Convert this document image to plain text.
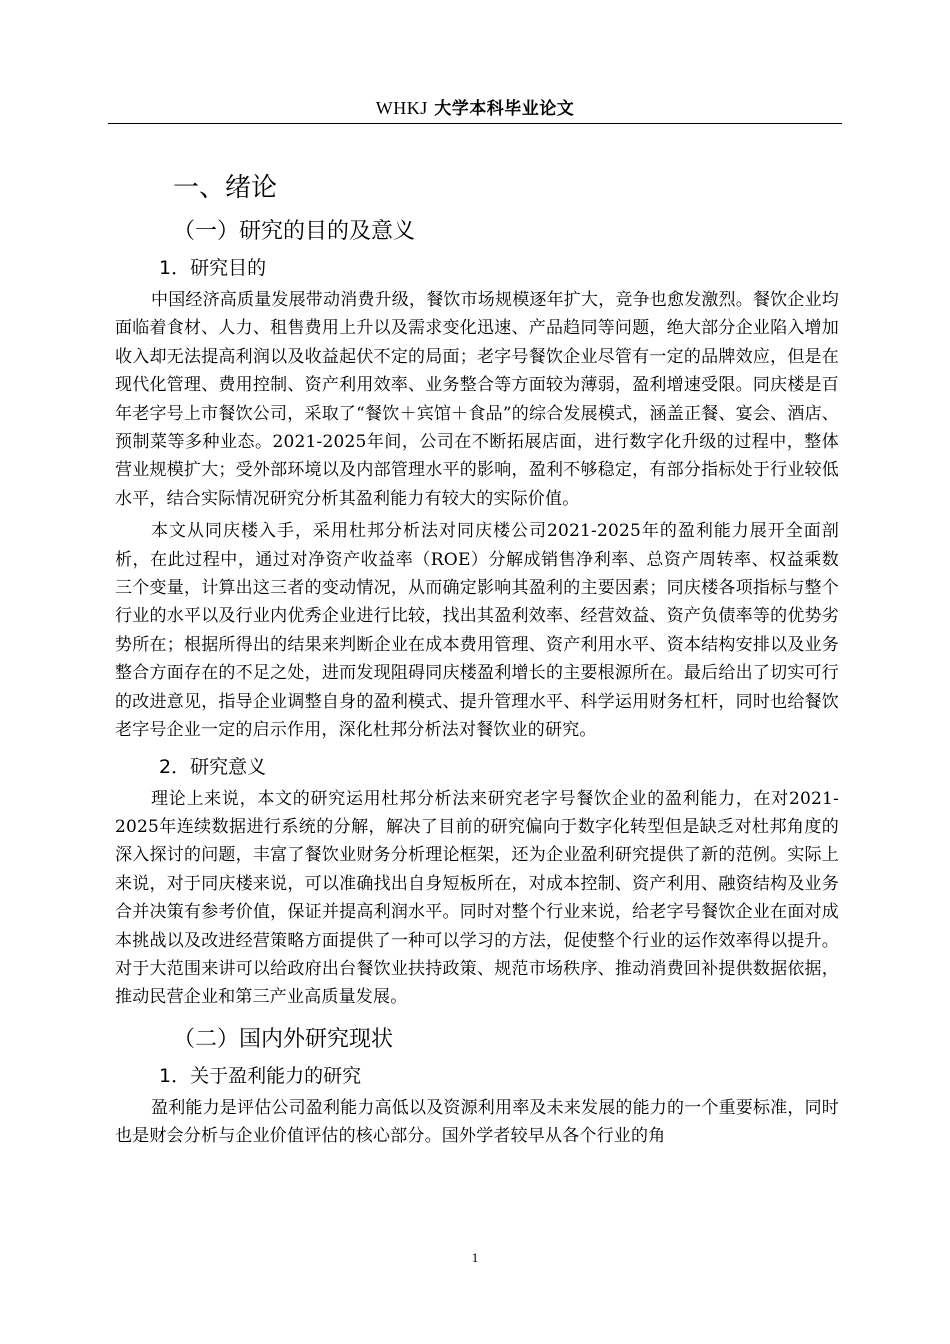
WHKJ 大学本科毕业论文
一、绪论
（一）研究的目的及意义
1．研究目的

中国经济高质量发展带动消费升级，餐饮市场规模逐年扩大，竞争也愈发激烈。餐饮企业均面临着食材、人力、租售费用上升以及需求变化迅速、产品趋同等问题，绝大部分企业陷入增加收入却无法提高利润以及收益起伏不定的局面；老字号餐饮企业尽管有一定的品牌效应，但是在现代化管理、费用控制、资产利用效率、业务整合等方面较为薄弱，盈利增速受限。同庆楼是百年老字号上市餐饮公司，采取了“餐饮＋宾馆＋食品”的综合发展模式，涵盖正餐、宴会、酒店、预制菜等多种业态。2021-2025年间，公司在不断拓展店面，进行数字化升级的过程中，整体营业规模扩大；受外部环境以及内部管理水平的影响，盈利不够稳定，有部分指标处于行业较低水平，结合实际情况研究分析其盈利能力有较大的实际价值。

本文从同庆楼入手，采用杜邦分析法对同庆楼公司2021-2025年的盈利能力展开全面剖析，在此过程中，通过对净资产收益率（ROE）分解成销售净利率、总资产周转率、权益乘数三个变量，计算出这三者的变动情况，从而确定影响其盈利的主要因素；同庆楼各项指标与整个行业的水平以及行业内优秀企业进行比较，找出其盈利效率、经营效益、资产负债率等的优势劣势所在；根据所得出的结果来判断企业在成本费用管理、资产利用水平、资本结构安排以及业务整合方面存在的不足之处，进而发现阻碍同庆楼盈利增长的主要根源所在。最后给出了切实可行的改进意见，指导企业调整自身的盈利模式、提升管理水平、科学运用财务杠杆，同时也给餐饮老字号企业一定的启示作用，深化杜邦分析法对餐饮业的研究。

2．研究意义

理论上来说，本文的研究运用杜邦分析法来研究老字号餐饮企业的盈利能力，在对2021-2025年连续数据进行系统的分解，解决了目前的研究偏向于数字化转型但是缺乏对杜邦角度的深入探讨的问题，丰富了餐饮业财务分析理论框架，还为企业盈利研究提供了新的范例。实际上来说，对于同庆楼来说，可以准确找出自身短板所在，对成本控制、资产利用、融资结构及业务合并决策有参考价值，保证并提高利润水平。同时对整个行业来说，给老字号餐饮企业在面对成本挑战以及改进经营策略方面提供了一种可以学习的方法，促使整个行业的运作效率得以提升。对于大范围来讲可以给政府出台餐饮业扶持政策、规范市场秩序、推动消费回补提供数据依据，推动民营企业和第三产业高质量发展。

（二）国内外研究现状
1．关于盈利能力的研究

盈利能力是评估公司盈利能力高低以及资源利用率及未来发展的能力的一个重要标准，同时也是财会分析与企业价值评估的核心部分。国外学者较早从各个行业的角

1
